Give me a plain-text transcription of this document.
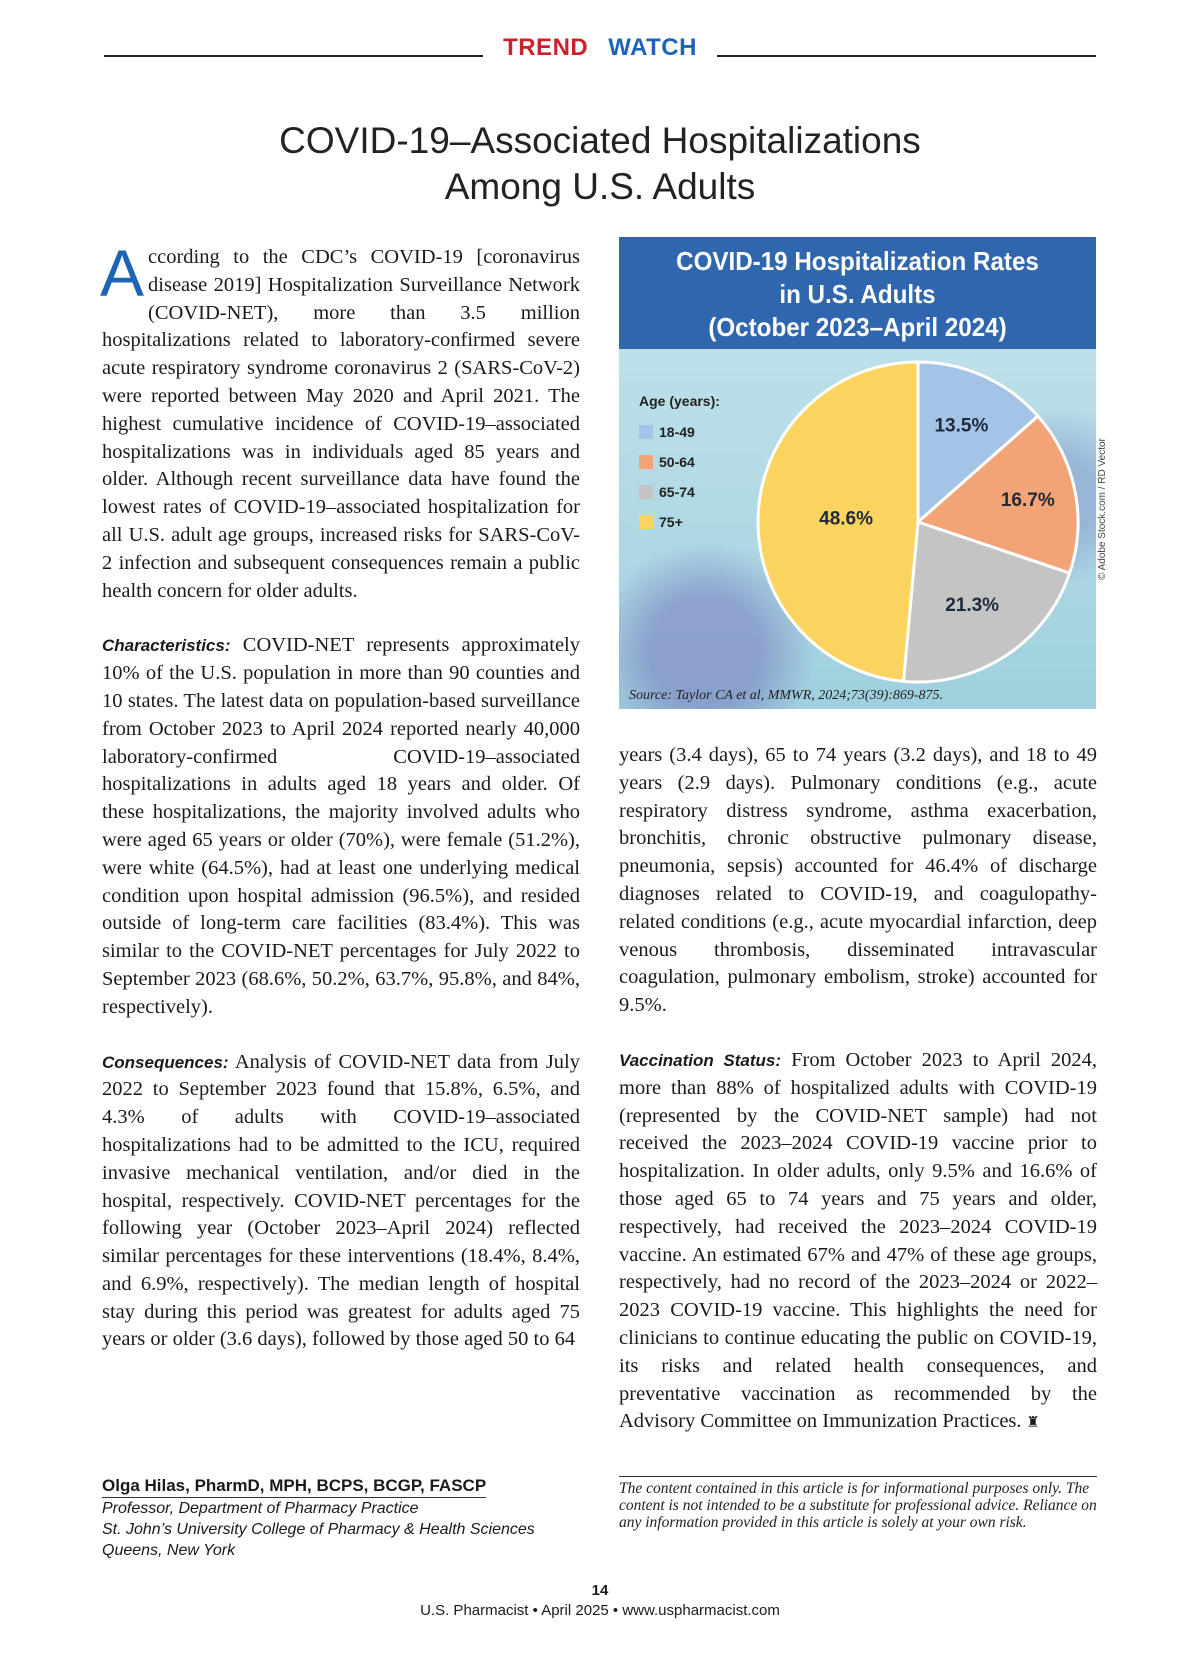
TREND WATCH
COVID-19–Associated Hospitalizations
Among U.S. Adults

According to the CDC’s COVID-19 [coronavirus disease 2019] Hospitalization Surveillance Network (COVID-NET), more than 3.5 million hospitalizations related to laboratory-confirmed severe acute respiratory syndrome coronavirus 2 (SARS-CoV-2) were reported between May 2020 and April 2021. The highest cumulative incidence of COVID-19–associated hospitalizations was in individuals aged 85 years and older. Although recent surveillance data have found the lowest rates of COVID-19–associated hospitalization for all U.S. adult age groups, increased risks for SARS-CoV-2 infection and subsequent consequences remain a public health concern for older adults.

Characteristics: COVID-NET represents approximately 10% of the U.S. population in more than 90 counties and 10 states. The latest data on population-based surveillance from October 2023 to April 2024 reported nearly 40,000 laboratory-confirmed COVID-19–associated hospitalizations in adults aged 18 years and older. Of these hospitalizations, the majority involved adults who were aged 65 years or older (70%), were female (51.2%), were white (64.5%), had at least one underlying medical condition upon hospital admission (96.5%), and resided outside of long-term care facilities (83.4%). This was similar to the COVID-NET percentages for July 2022 to September 2023 (68.6%, 50.2%, 63.7%, 95.8%, and 84%, respectively).

Consequences: Analysis of COVID-NET data from July 2022 to September 2023 found that 15.8%, 6.5%, and 4.3% of adults with COVID-19–associated hospitalizations had to be admitted to the ICU, required invasive mechanical ventilation, and/or died in the hospital, respectively. COVID-NET percentages for the following year (October 2023–April 2024) reflected similar percentages for these interventions (18.4%, 8.4%, and 6.9%, respectively). The median length of hospital stay during this period was greatest for adults aged 75 years or older (3.6 days), followed by those aged 50 to 64

COVID-19 Hospitalization Rates
in U.S. Adults
(October 2023–April 2024)
Age (years):
18-49
50-64
65-74
75+
13.5%
16.7%
21.3%
48.6%
Source: Taylor CA et al, MMWR, 2024;73(39):869-875.
© Adobe Stock.com / RD Vector

years (3.4 days), 65 to 74 years (3.2 days), and 18 to 49 years (2.9 days). Pulmonary conditions (e.g., acute respiratory distress syndrome, asthma exacerbation, bronchitis, chronic obstructive pulmonary disease, pneumonia, sepsis) accounted for 46.4% of discharge diagnoses related to COVID-19, and coagulopathy-related conditions (e.g., acute myocardial infarction, deep venous thrombosis, disseminated intravascular coagulation, pulmonary embolism, stroke) accounted for 9.5%.

Vaccination Status: From October 2023 to April 2024, more than 88% of hospitalized adults with COVID-19 (represented by the COVID-NET sample) had not received the 2023–2024 COVID-19 vaccine prior to hospitalization. In older adults, only 9.5% and 16.6% of those aged 65 to 74 years and 75 years and older, respectively, had received the 2023–2024 COVID-19 vaccine. An estimated 67% and 47% of these age groups, respectively, had no record of the 2023–2024 or 2022–2023 COVID-19 vaccine. This highlights the need for clinicians to continue educating the public on COVID-19, its risks and related health consequences, and preventative vaccination as recommended by the Advisory Committee on Immunization Practices. ♜

Olga Hilas, PharmD, MPH, BCPS, BCGP, FASCP
Professor, Department of Pharmacy Practice
St. John’s University College of Pharmacy & Health Sciences
Queens, New York
The content contained in this article is for informational purposes only. The content is not intended to be a substitute for professional advice. Reliance on any information provided in this article is solely at your own risk.
14
U.S. Pharmacist • April 2025 • www.uspharmacist.com
